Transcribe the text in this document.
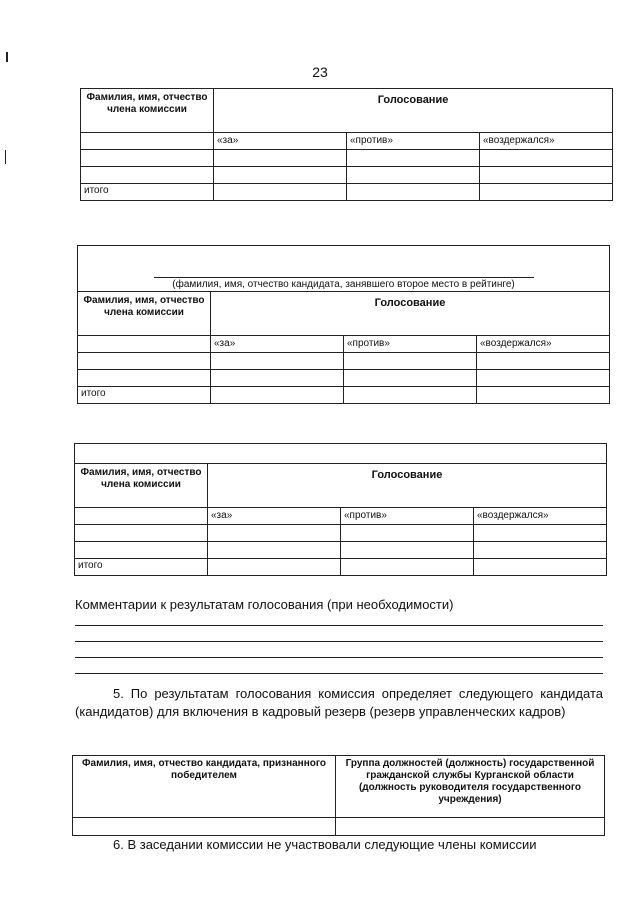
23
Фамилия, имя, отчество члена комиссии	Голосование		
	«за»	«против»	«воздержался»

итого			
(фамилия, имя, отчество кандидата, занявшего второе место в рейтинге)			
Фамилия, имя, отчество члена комиссии	Голосование		
	«за»	«против»	«воздержался»

итого			

Фамилия, имя, отчество члена комиссии	Голосование		
	«за»	«против»	«воздержался»

итого			
Комментарии к результатам голосования (при необходимости)
5. По результатам голосования комиссия определяет следующего кандидата (кандидатов) для включения в кадровый резерв (резерв управленческих кадров)
Фамилия, имя, отчество кандидата, признанного победителем	Группа должностей (должность) государственной гражданской службы Курганской области (должность руководителя государственного учреждения)

6. В заседании комиссии не участвовали следующие члены комиссии
